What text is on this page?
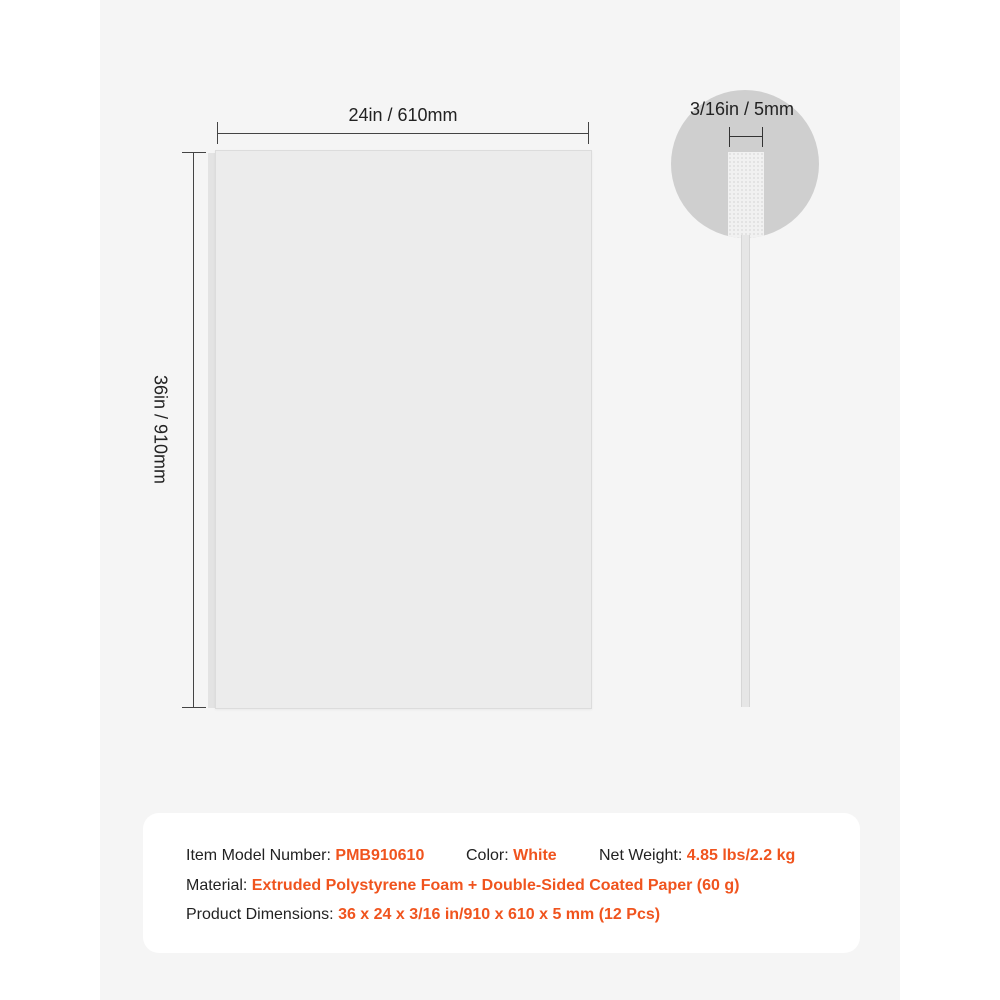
24in / 610mm
36in / 910mm
3/16in / 5mm
Item Model Number: PMB910610	Color: White	Net Weight: 4.85 lbs/2.2 kg
Material: Extruded Polystyrene Foam + Double-Sided Coated Paper (60 g)
Product Dimensions: 36 x 24 x 3/16 in/910 x 610 x 5 mm (12 Pcs)
